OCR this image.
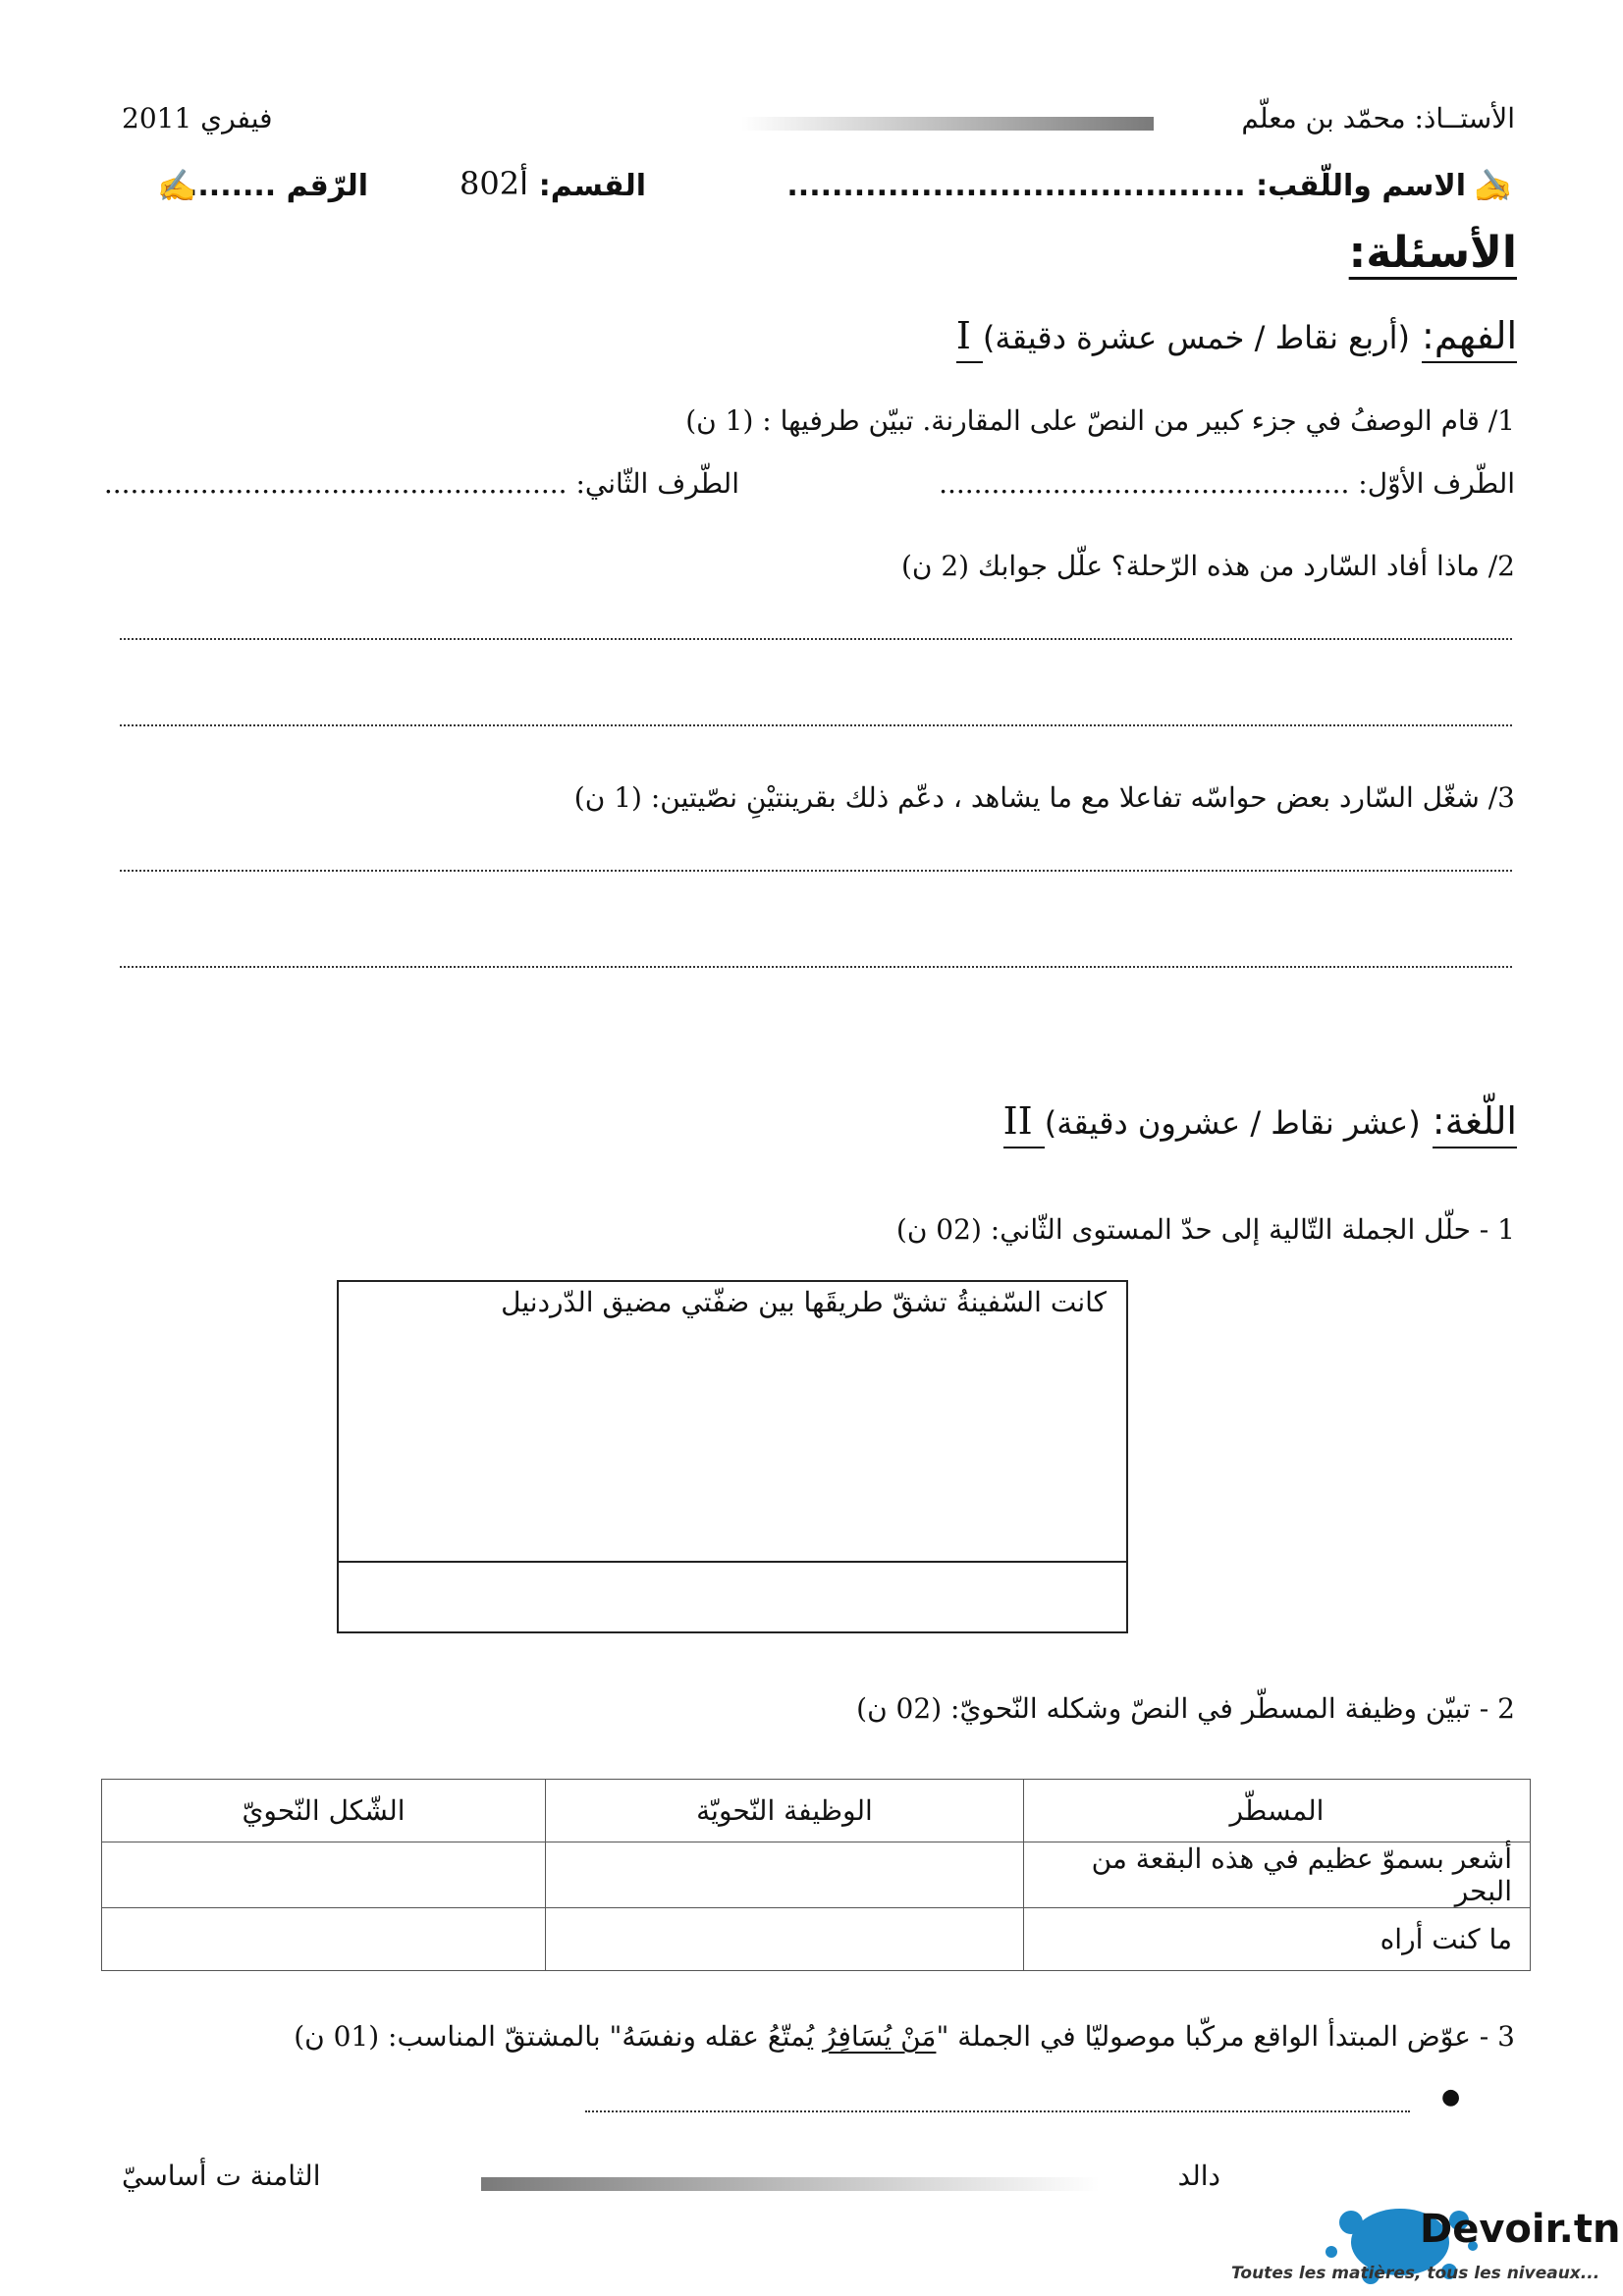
الأستــاذ: محمّد بن معلّم
فيفري 2011
✍
الاسم واللّقب: .........................................
القسم:
8أ02
الرّقم ........
✍
الأسئلة:
I	الفهم: (أربع نقاط / خمس عشرة دقيقة)
1/ قام الوصفُ في جزء كبير من النصّ على المقارنة. تبيّن طرفيها : (1 ن)
الطّرف الأوّل: ...............................................
الطّرف الثّاني: .....................................................
2/ ماذا أفاد السّارد من هذه الرّحلة؟ علّل جوابك (2 ن)
3/ شغّل السّارد بعض حواسّه تفاعلا مع ما يشاهد ، دعّم ذلك بقرينتيْنِ نصّيتين: (1 ن)
II	اللّغة: (عشر نقاط / عشرون دقيقة)
1 - حلّل الجملة التّالية إلى حدّ المستوى الثّاني: (02 ن)
كانت السّفينةُ تشقّ طريقَها بين ضفّتي مضيق الدّردنيل
2 - تبيّن وظيفة المسطّر في النصّ وشكله النّحويّ: (02 ن)
الشّكل النّحويّ	الوظيفة النّحويّة	المسطّر
		أشعر بسموّ عظيم في هذه البقعة من البحر
		ما كنت أراه
3 - عوّض المبتدأ الواقع مركّبا موصوليّا في الجملة "مَنْ يُسَافِرُ يُمتّعُ عقله ونفسَهُ" بالمشتقّ المناسب: (01 ن)
●
دالد
الثامنة ت أساسيّ
Devoir.tn
Toutes les matières, tous les niveaux...
